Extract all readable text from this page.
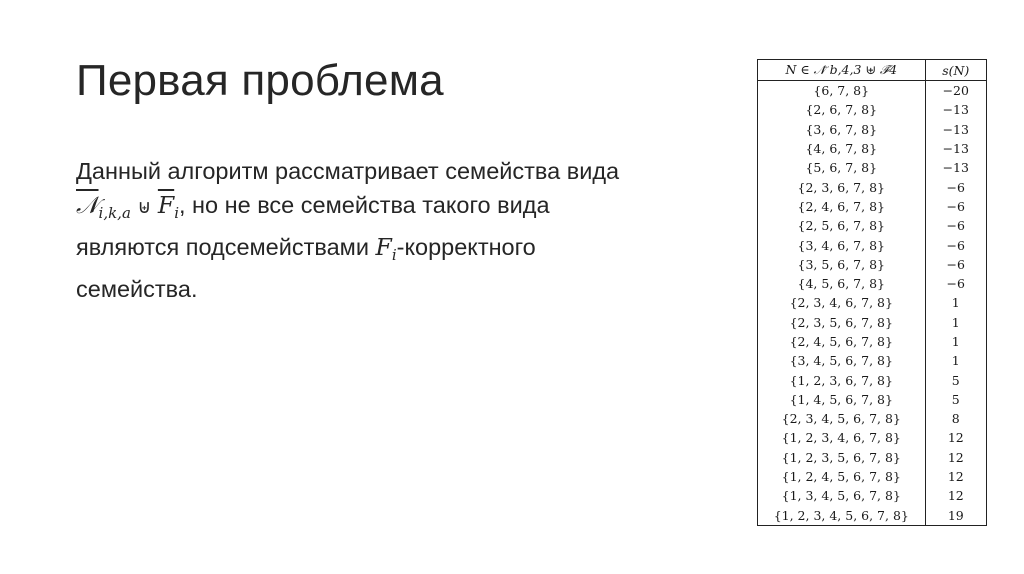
Первая проблема
Данный алгоритм рассматривает семейства вида
𝒩$_{i,k,a}$ ⊎ $\overline{F}_i$, но не все семейства такого вида
являются подсемействами $F_i$-корректного
семейства.
N ∈ 𝒩̄ b,4,3 ⊎ ℱ̄4	s(N)
{6, 7, 8}	−20
{2, 6, 7, 8}	−13
{3, 6, 7, 8}	−13
{4, 6, 7, 8}	−13
{5, 6, 7, 8}	−13
{2, 3, 6, 7, 8}	−6
{2, 4, 6, 7, 8}	−6
{2, 5, 6, 7, 8}	−6
{3, 4, 6, 7, 8}	−6
{3, 5, 6, 7, 8}	−6
{4, 5, 6, 7, 8}	−6
{2, 3, 4, 6, 7, 8}	1
{2, 3, 5, 6, 7, 8}	1
{2, 4, 5, 6, 7, 8}	1
{3, 4, 5, 6, 7, 8}	1
{1, 2, 3, 6, 7, 8}	5
{1, 4, 5, 6, 7, 8}	5
{2, 3, 4, 5, 6, 7, 8}	8
{1, 2, 3, 4, 6, 7, 8}	12
{1, 2, 3, 5, 6, 7, 8}	12
{1, 2, 4, 5, 6, 7, 8}	12
{1, 3, 4, 5, 6, 7, 8}	12
{1, 2, 3, 4, 5, 6, 7, 8}	19
